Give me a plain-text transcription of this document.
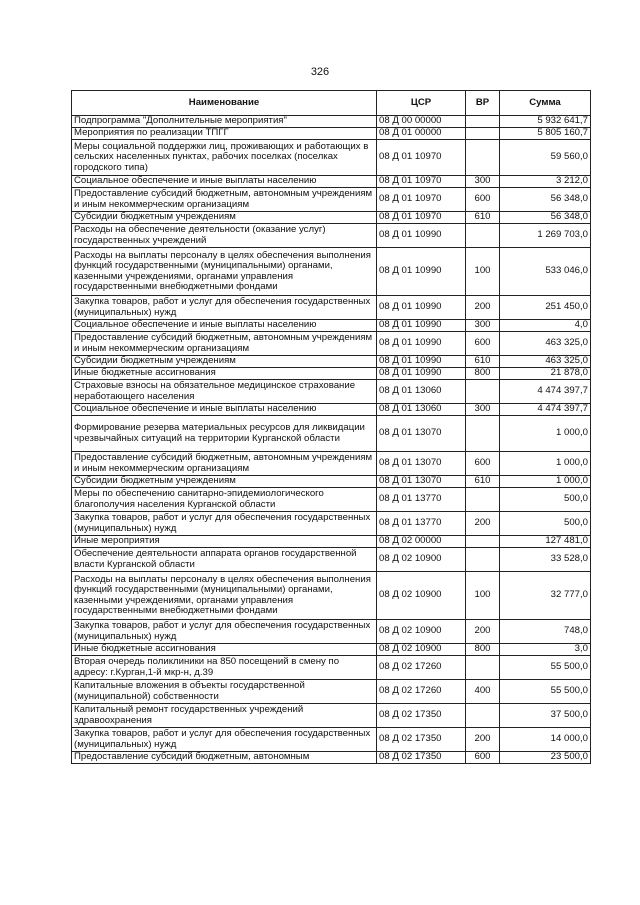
326
Наименование	ЦСР	ВР	Сумма
Подпрограмма "Дополнительные мероприятия"	08 Д 00 00000		5 932 641,7
Мероприятия по реализации ТПГГ	08 Д 01 00000		5 805 160,7
Меры социальной поддержки лиц, проживающих и работающих в сельских населенных пунктах, рабочих поселках (поселках городского типа)	08 Д 01 10970		59 560,0
Социальное обеспечение и иные выплаты населению	08 Д 01 10970	300	3 212,0
Предоставление субсидий бюджетным, автономным учреждениям и иным некоммерческим организациям	08 Д 01 10970	600	56 348,0
Субсидии бюджетным учреждениям	08 Д 01 10970	610	56 348,0
Расходы на обеспечение деятельности (оказание услуг) государственных учреждений	08 Д 01 10990		1 269 703,0
Расходы на выплаты персоналу в целях обеспечения выполнения функций государственными (муниципальными) органами, казенными учреждениями, органами управления государственными внебюджетными фондами	08 Д 01 10990	100	533 046,0
Закупка товаров, работ и услуг для обеспечения государственных (муниципальных) нужд	08 Д 01 10990	200	251 450,0
Социальное обеспечение и иные выплаты населению	08 Д 01 10990	300	4,0
Предоставление субсидий бюджетным, автономным учреждениям и иным некоммерческим организациям	08 Д 01 10990	600	463 325,0
Субсидии бюджетным учреждениям	08 Д 01 10990	610	463 325,0
Иные бюджетные ассигнования	08 Д 01 10990	800	21 878,0
Страховые взносы на обязательное медицинское страхование неработающего населения	08 Д 01 13060		4 474 397,7
Социальное обеспечение и иные выплаты населению	08 Д 01 13060	300	4 474 397,7
Формирование резерва материальных ресурсов для ликвидации чрезвычайных ситуаций на территории Курганской области	08 Д 01 13070		1 000,0
Предоставление субсидий бюджетным, автономным учреждениям и иным некоммерческим организациям	08 Д 01 13070	600	1 000,0
Субсидии бюджетным учреждениям	08 Д 01 13070	610	1 000,0
Меры по обеспечению санитарно-эпидемиологического благополучия населения Курганской области	08 Д 01 13770		500,0
Закупка товаров, работ и услуг для обеспечения государственных (муниципальных) нужд	08 Д 01 13770	200	500,0
Иные мероприятия	08 Д 02 00000		127 481,0
Обеспечение деятельности аппарата органов государственной власти Курганской области	08 Д 02 10900		33 528,0
Расходы на выплаты персоналу в целях обеспечения выполнения функций государственными (муниципальными) органами, казенными учреждениями, органами управления государственными внебюджетными фондами	08 Д 02 10900	100	32 777,0
Закупка товаров, работ и услуг для обеспечения государственных (муниципальных) нужд	08 Д 02 10900	200	748,0
Иные бюджетные ассигнования	08 Д 02 10900	800	3,0
Вторая очередь поликлиники на 850 посещений в смену по адресу: г.Курган,1-й мкр-н, д.39	08 Д 02 17260		55 500,0
Капитальные вложения в объекты государственной (муниципальной) собственности	08 Д 02 17260	400	55 500,0
Капитальный ремонт государственных учреждений здравоохранения	08 Д 02 17350		37 500,0
Закупка товаров, работ и услуг для обеспечения государственных (муниципальных) нужд	08 Д 02 17350	200	14 000,0
Предоставление субсидий бюджетным, автономным	08 Д 02 17350	600	23 500,0
